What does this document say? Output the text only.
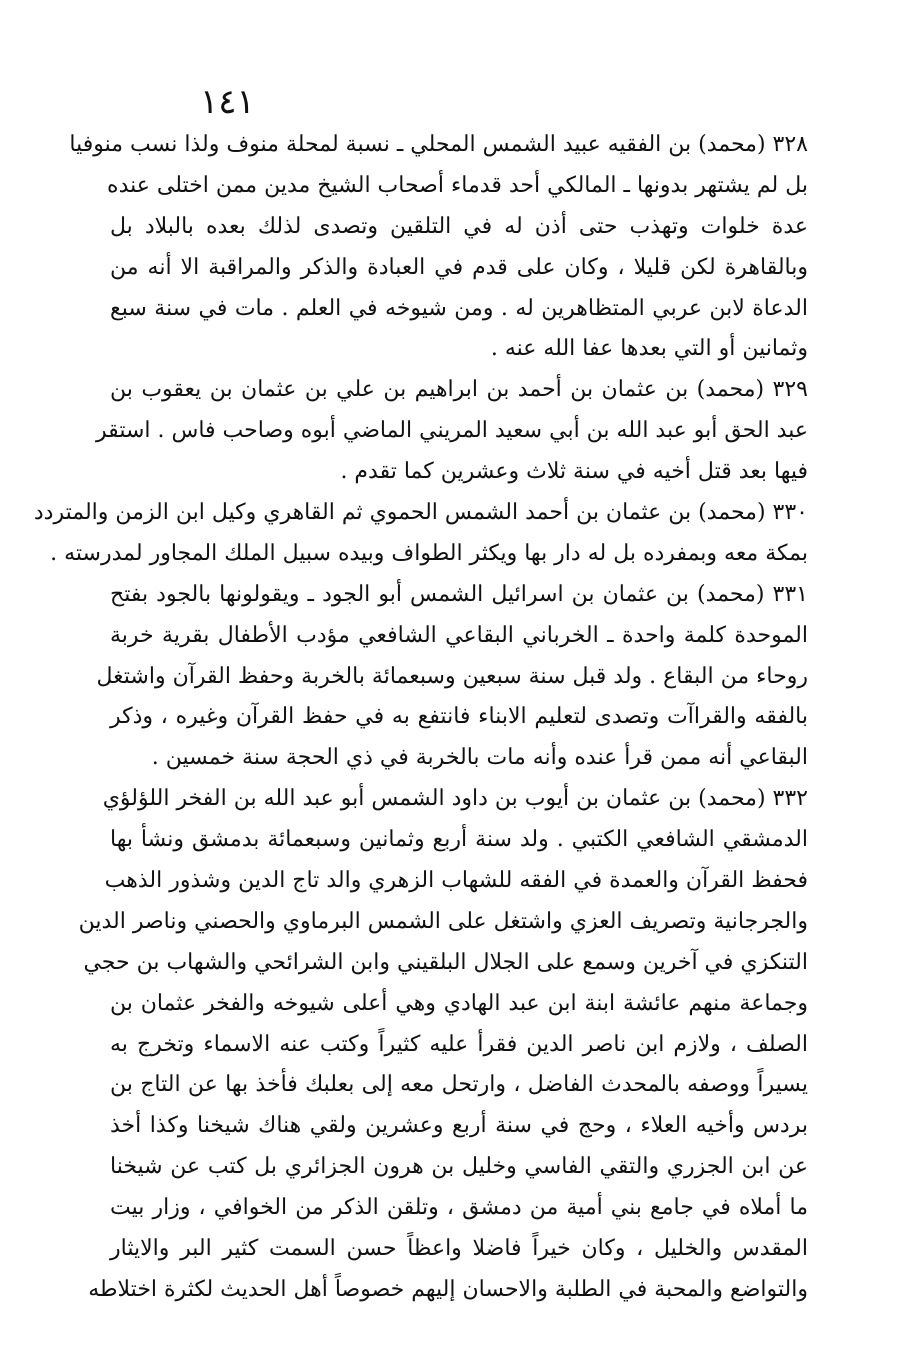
١٤١
٣٢٨ (محمد) بن الفقيه عبيد الشمس المحلي ـ نسبة لمحلة منوف ولذا نسب منوفيا
بل لم يشتهر بدونها ـ المالكي أحد قدماء أصحاب الشيخ مدين ممن اختلى عنده
عدة خلوات وتهذب حتى أذن له في التلقين وتصدى لذلك بعده بالبلاد بل
وبالقاهرة لكن قليلا ، وكان على قدم في العبادة والذكر والمراقبة الا أنه من
الدعاة لابن عربي المتظاهرين له . ومن شيوخه في العلم . مات في سنة سبع
وثمانين أو التي بعدها عفا الله عنه .
٣٢٩ (محمد) بن عثمان بن أحمد بن ابراهيم بن علي بن عثمان بن يعقوب بن
عبد الحق أبو عبد الله بن أبي سعيد المريني الماضي أبوه وصاحب فاس . استقر
فيها بعد قتل أخيه في سنة ثلاث وعشرين كما تقدم .
٣٣٠ (محمد) بن عثمان بن أحمد الشمس الحموي ثم القاهري وكيل ابن الزمن والمتردد
بمكة معه وبمفرده بل له دار بها ويكثر الطواف وبيده سبيل الملك المجاور لمدرسته .
٣٣١ (محمد) بن عثمان بن اسرائيل الشمس أبو الجود ـ ويقولونها بالجود بفتح
الموحدة كلمة واحدة ـ الخرباني البقاعي الشافعي مؤدب الأطفال بقرية خربة
روحاء من البقاع . ولد قبل سنة سبعين وسبعمائة بالخربة وحفظ القرآن واشتغل
بالفقه والقراآت وتصدى لتعليم الابناء فانتفع به في حفظ القرآن وغيره ، وذكر
البقاعي أنه ممن قرأ عنده وأنه مات بالخربة في ذي الحجة سنة خمسين .
٣٣٢ (محمد) بن عثمان بن أيوب بن داود الشمس أبو عبد الله بن الفخر اللؤلؤي
الدمشقي الشافعي الكتبي . ولد سنة أربع وثمانين وسبعمائة بدمشق ونشأ بها
فحفظ القرآن والعمدة في الفقه للشهاب الزهري والد تاج الدين وشذور الذهب
والجرجانية وتصريف العزي واشتغل على الشمس البرماوي والحصني وناصر الدين
التنكزي في آخرين وسمع على الجلال البلقيني وابن الشرائحي والشهاب بن حجي
وجماعة منهم عائشة ابنة ابن عبد الهادي وهي أعلى شيوخه والفخر عثمان بن
الصلف ، ولازم ابن ناصر الدين فقرأ عليه كثيراً وكتب عنه الاسماء وتخرج به
يسيراً ووصفه بالمحدث الفاضل ، وارتحل معه إلى بعلبك فأخذ بها عن التاج بن
بردس وأخيه العلاء ، وحج في سنة أربع وعشرين ولقي هناك شيخنا وكذا أخذ
عن ابن الجزري والتقي الفاسي وخليل بن هرون الجزائري بل كتب عن شيخنا
ما أملاه في جامع بني أمية من دمشق ، وتلقن الذكر من الخوافي ، وزار بيت
المقدس والخليل ، وكان خيراً فاضلا واعظاً حسن السمت كثير البر والايثار
والتواضع والمحبة في الطلبة والاحسان إليهم خصوصاً أهل الحديث لكثرة اختلاطه
